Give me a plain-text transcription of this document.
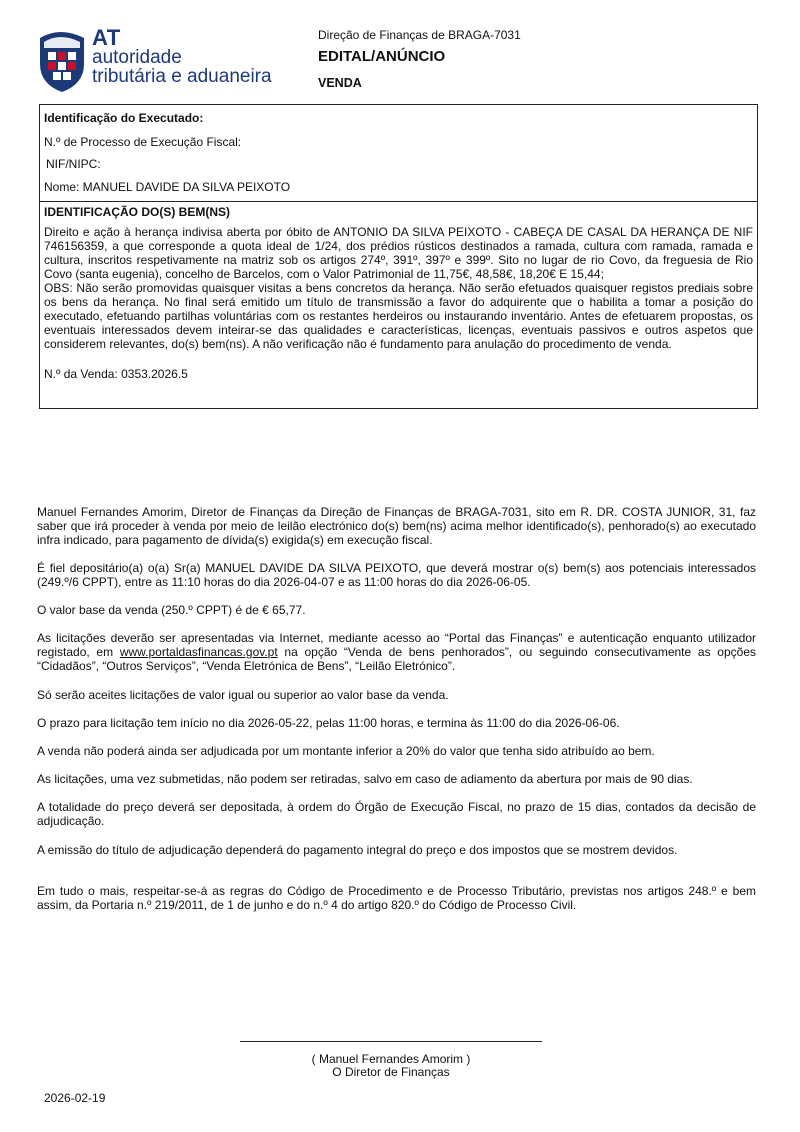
AT
autoridade
tributária e aduaneira
Direção de Finanças de BRAGA-7031
EDITAL/ANÚNCIO
VENDA

Identificação do Executado:

N.º de Processo de Execução Fiscal:

NIF/NIPC:

Nome: MANUEL DAVIDE DA SILVA PEIXOTO

IDENTIFICAÇÃO DO(S) BEM(NS)

Direito e ação à herança indivisa aberta por óbito de ANTONIO DA SILVA PEIXOTO - CABEÇA DE CASAL DA HERANÇA DE NIF 746156359, a que corresponde a quota ideal de 1/24, dos prédios rústicos destinados a ramada, cultura com ramada, ramada e cultura, inscritos respetivamente na matriz sob os artigos 274º, 391º, 397º e 399º. Sito no lugar de rio Covo, da freguesia de Rio Covo (santa eugenia), concelho de Barcelos, com o Valor Patrimonial de 11,75€, 48,58€, 18,20€ E 15,44;

OBS: Não serão promovidas quaisquer visitas a bens concretos da herança. Não serão efetuados quaisquer registos prediais sobre os bens da herança. No final será emitido um título de transmissão a favor do adquirente que o habilita a tomar a posição do executado, efetuando partilhas voluntárias com os restantes herdeiros ou instaurando inventário. Antes de efetuarem propostas, os eventuais interessados devem inteirar-se das qualidades e características, licenças, eventuais passivos e outros aspetos que considerem relevantes, do(s) bem(ns). A não verificação não é fundamento para anulação do procedimento de venda.

N.º da Venda: 0353.2026.5

Manuel Fernandes Amorim, Diretor de Finanças da Direção de Finanças de BRAGA-7031, sito em R. DR. COSTA JUNIOR, 31, faz saber que irá proceder à venda por meio de leilão electrónico do(s) bem(ns) acima melhor identificado(s), penhorado(s) ao executado infra indicado, para pagamento de dívida(s) exigida(s) em execução fiscal.

É fiel depositário(a) o(a) Sr(a) MANUEL DAVIDE DA SILVA PEIXOTO, que deverá mostrar o(s) bem(s) aos potenciais interessados (249.º/6 CPPT), entre as 11:10 horas do dia 2026-04-07 e as 11:00 horas do dia 2026-06-05.

O valor base da venda (250.º CPPT) é de € 65,77.

As licitações deverão ser apresentadas via Internet, mediante acesso ao “Portal das Finanças” e autenticação enquanto utilizador registado, em www.portaldasfinancas.gov.pt na opção “Venda de bens penhorados”, ou seguindo consecutivamente as opções “Cidadãos”, “Outros Serviços”, “Venda Eletrónica de Bens”, “Leilão Eletrónico”.

Só serão aceites licitações de valor igual ou superior ao valor base da venda.

O prazo para licitação tem início no dia 2026-05-22, pelas 11:00 horas, e termina às 11:00 do dia 2026-06-06.

A venda não poderá ainda ser adjudicada por um montante inferior a 20% do valor que tenha sido atribuído ao bem.

As licitações, uma vez submetidas, não podem ser retiradas, salvo em caso de adiamento da abertura por mais de 90 dias.

A totalidade do preço deverá ser depositada, à ordem do Órgão de Execução Fiscal, no prazo de 15 dias, contados da decisão de adjudicação.

A emissão do título de adjudicação dependerá do pagamento integral do preço e dos impostos que se mostrem devidos.

Em tudo o mais, respeitar-se-á as regras do Código de Procedimento e de Processo Tributário, previstas nos artigos 248.º e bem assim, da Portaria n.º 219/2011, de 1 de junho e do n.º 4 do artigo 820.º do Código de Processo Civil.

( Manuel Fernandes Amorim )
O Diretor de Finanças
2026-02-19
